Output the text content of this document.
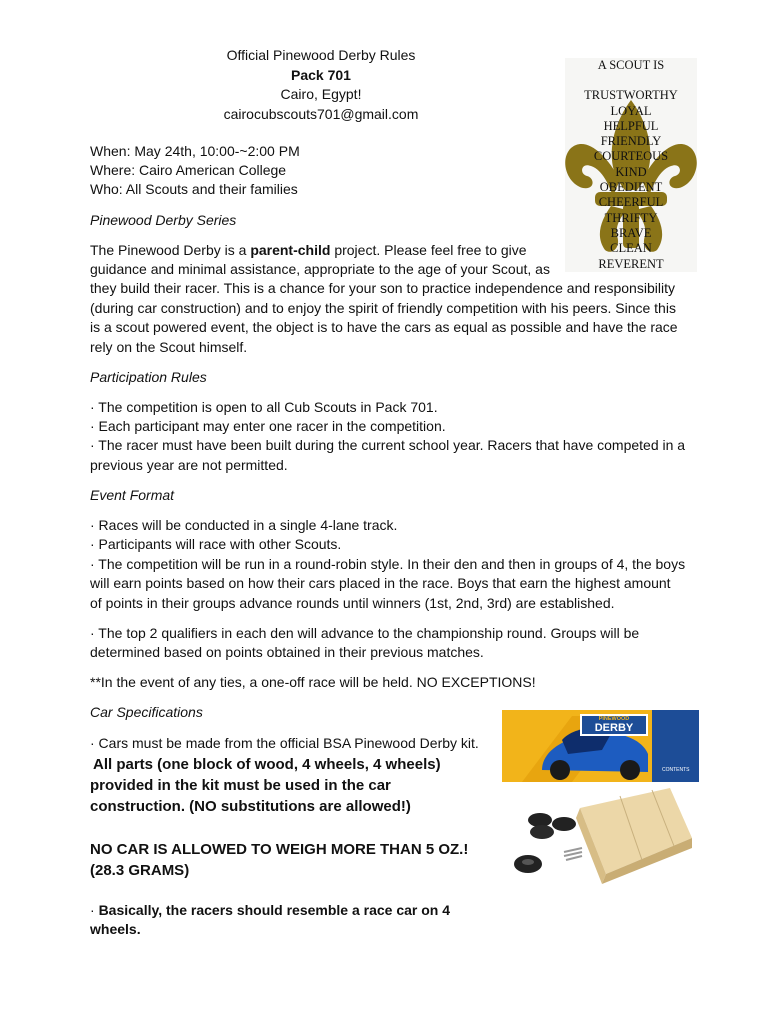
Official Pinewood Derby Rules
Pack 701
Cairo, Egypt!
cairocubscouts701@gmail.com
A SCOUT IS
TRUSTWORTHY
LOYAL
HELPFUL
FRIENDLY
COURTEOUS
KIND
OBEDIENT
CHEERFUL
THRIFTY
BRAVE
CLEAN
REVERENT
When: May 24th, 10:00-~2:00 PM
Where: Cairo American College
Who: All Scouts and their families
Pinewood Derby Series
The Pinewood Derby is a parent-child project. Please feel free to give
guidance and minimal assistance, appropriate to the age of your Scout, as
they build their racer. This is a chance for your son to practice independence and responsibility
(during car construction) and to enjoy the spirit of friendly competition with his peers. Since this
is a scout powered event, the object is to have the cars as equal as possible and have the race
rely on the Scout himself.
Participation Rules
· The competition is open to all Cub Scouts in Pack 701.
· Each participant may enter one racer in the competition.
· The racer must have been built during the current school year. Racers that have competed in a
previous year are not permitted.
Event Format
· Races will be conducted in a single 4-lane track.
· Participants will race with other Scouts.
· The competition will be run in a round-robin style. In their den and then in groups of 4, the boys
will earn points based on how their cars placed in the race. Boys that earn the highest amount
of points in their groups advance rounds until winners (1st, 2nd, 3rd) are established.
· The top 2 qualifiers in each den will advance to the championship round. Groups will be
determined based on points obtained in their previous matches.
**In the event of any ties, a one-off race will be held. NO EXCEPTIONS!
Car Specifications
· Cars must be made from the official BSA Pinewood Derby kit.
All parts (one block of wood, 4 wheels, 4 wheels)
provided in the kit must be used in the car
construction. (NO substitutions are allowed!)
NO CAR IS ALLOWED TO WEIGH MORE THAN 5 OZ.!
(28.3 GRAMS)
· Basically, the racers should resemble a race car on 4
wheels.
PINEWOOD
DERBY
CONTENTS
